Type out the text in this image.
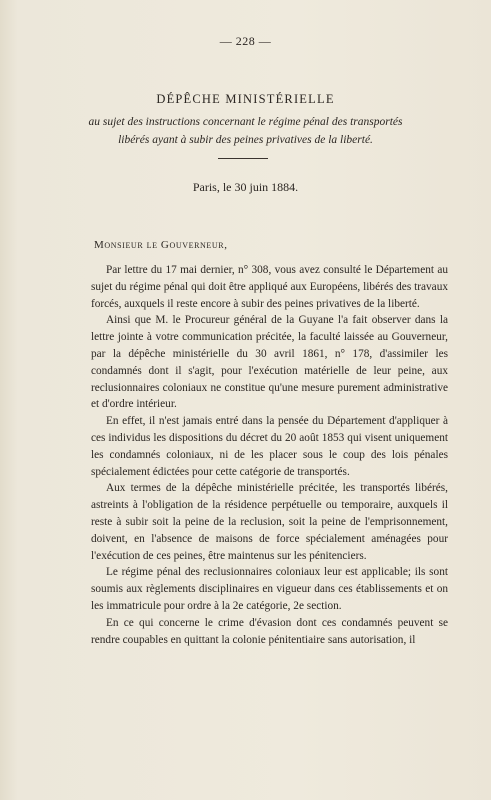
— 228 —
DÉPÊCHE MINISTÉRIELLE
au sujet des instructions concernant le régime pénal des transportés libérés ayant à subir des peines privatives de la liberté.
Paris, le 30 juin 1884.
Monsieur le Gouverneur,

Par lettre du 17 mai dernier, n° 308, vous avez consulté le Département au sujet du régime pénal qui doit être appliqué aux Européens, libérés des travaux forcés, auxquels il reste encore à subir des peines privatives de la liberté.

Ainsi que M. le Procureur général de la Guyane l'a fait observer dans la lettre jointe à votre communication précitée, la faculté laissée au Gouverneur, par la dépêche ministérielle du 30 avril 1861, n° 178, d'assimiler les condamnés dont il s'agit, pour l'exécution matérielle de leur peine, aux reclusionnaires coloniaux ne constitue qu'une mesure purement administrative et d'ordre intérieur.

En effet, il n'est jamais entré dans la pensée du Département d'appliquer à ces individus les dispositions du décret du 20 août 1853 qui visent uniquement les condamnés coloniaux, ni de les placer sous le coup des lois pénales spécialement édictées pour cette catégorie de transportés.

Aux termes de la dépêche ministérielle précitée, les transportés libérés, astreints à l'obligation de la résidence perpétuelle ou temporaire, auxquels il reste à subir soit la peine de la reclusion, soit la peine de l'emprisonnement, doivent, en l'absence de maisons de force spécialement aménagées pour l'exécution de ces peines, être maintenus sur les pénitenciers.

Le régime pénal des reclusionnaires coloniaux leur est applicable; ils sont soumis aux règlements disciplinaires en vigueur dans ces établissements et on les immatricule pour ordre à la 2e catégorie, 2e section.

En ce qui concerne le crime d'évasion dont ces condamnés peuvent se rendre coupables en quittant la colonie pénitentiaire sans autorisation, il
